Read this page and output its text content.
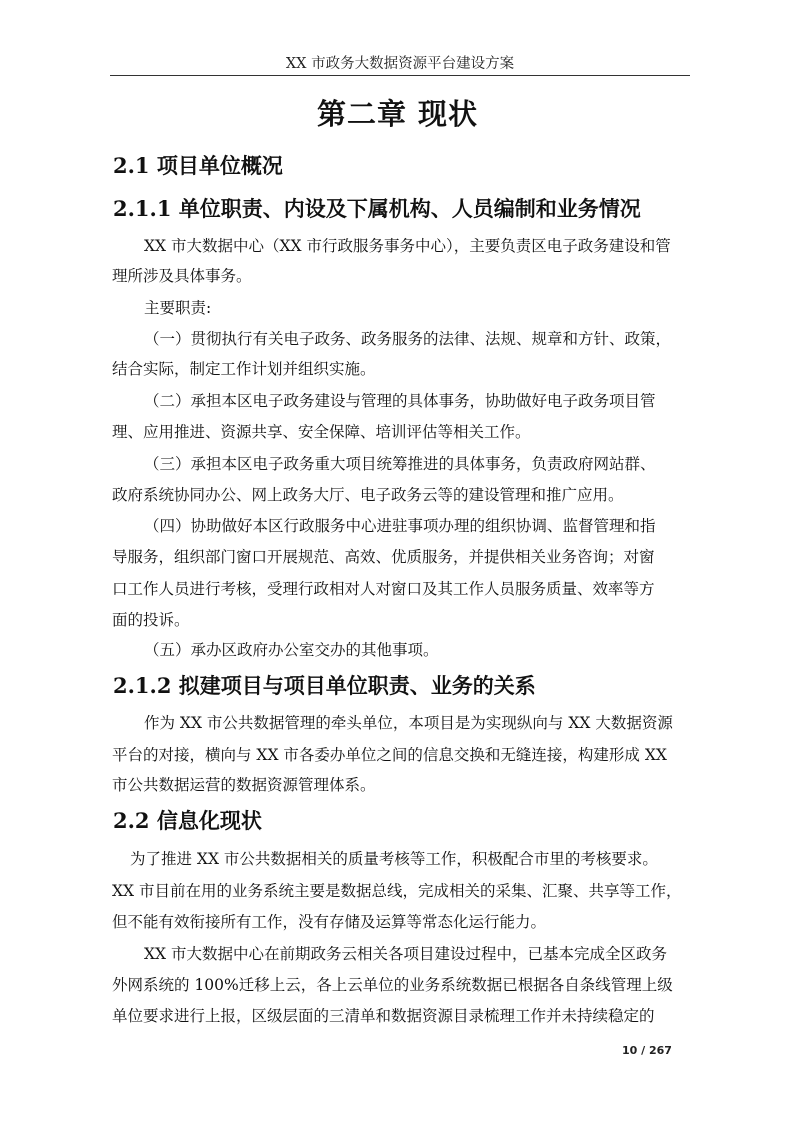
XX 市政务大数据资源平台建设方案
第二章 现状
2.1 项目单位概况
2.1.1 单位职责、内设及下属机构、人员编制和业务情况
XX 市大数据中心（XX 市行政服务事务中心），主要负责区电子政务建设和管
理所涉及具体事务。
主要职责:
（一）贯彻执行有关电子政务、政务服务的法律、法规、规章和方针、政策，
结合实际，制定工作计划并组织实施。
（二）承担本区电子政务建设与管理的具体事务，协助做好电子政务项目管
理、应用推进、资源共享、安全保障、培训评估等相关工作。
（三）承担本区电子政务重大项目统筹推进的具体事务，负责政府网站群、
政府系统协同办公、网上政务大厅、电子政务云等的建设管理和推广应用。
（四）协助做好本区行政服务中心进驻事项办理的组织协调、监督管理和指
导服务，组织部门窗口开展规范、高效、优质服务，并提供相关业务咨询；对窗
口工作人员进行考核，受理行政相对人对窗口及其工作人员服务质量、效率等方
面的投诉。
（五）承办区政府办公室交办的其他事项。
2.1.2 拟建项目与项目单位职责、业务的关系
作为 XX 市公共数据管理的牵头单位，本项目是为实现纵向与 XX 大数据资源
平台的对接，横向与 XX 市各委办单位之间的信息交换和无缝连接，构建形成 XX
市公共数据运营的数据资源管理体系。
2.2 信息化现状
为了推进 XX 市公共数据相关的质量考核等工作，积极配合市里的考核要求。
XX 市目前在用的业务系统主要是数据总线，完成相关的采集、汇聚、共享等工作，
但不能有效衔接所有工作，没有存储及运算等常态化运行能力。
XX 市大数据中心在前期政务云相关各项目建设过程中，已基本完成全区政务
外网系统的 100%迁移上云，各上云单位的业务系统数据已根据各自条线管理上级
单位要求进行上报，区级层面的三清单和数据资源目录梳理工作并未持续稳定的
10 / 267
